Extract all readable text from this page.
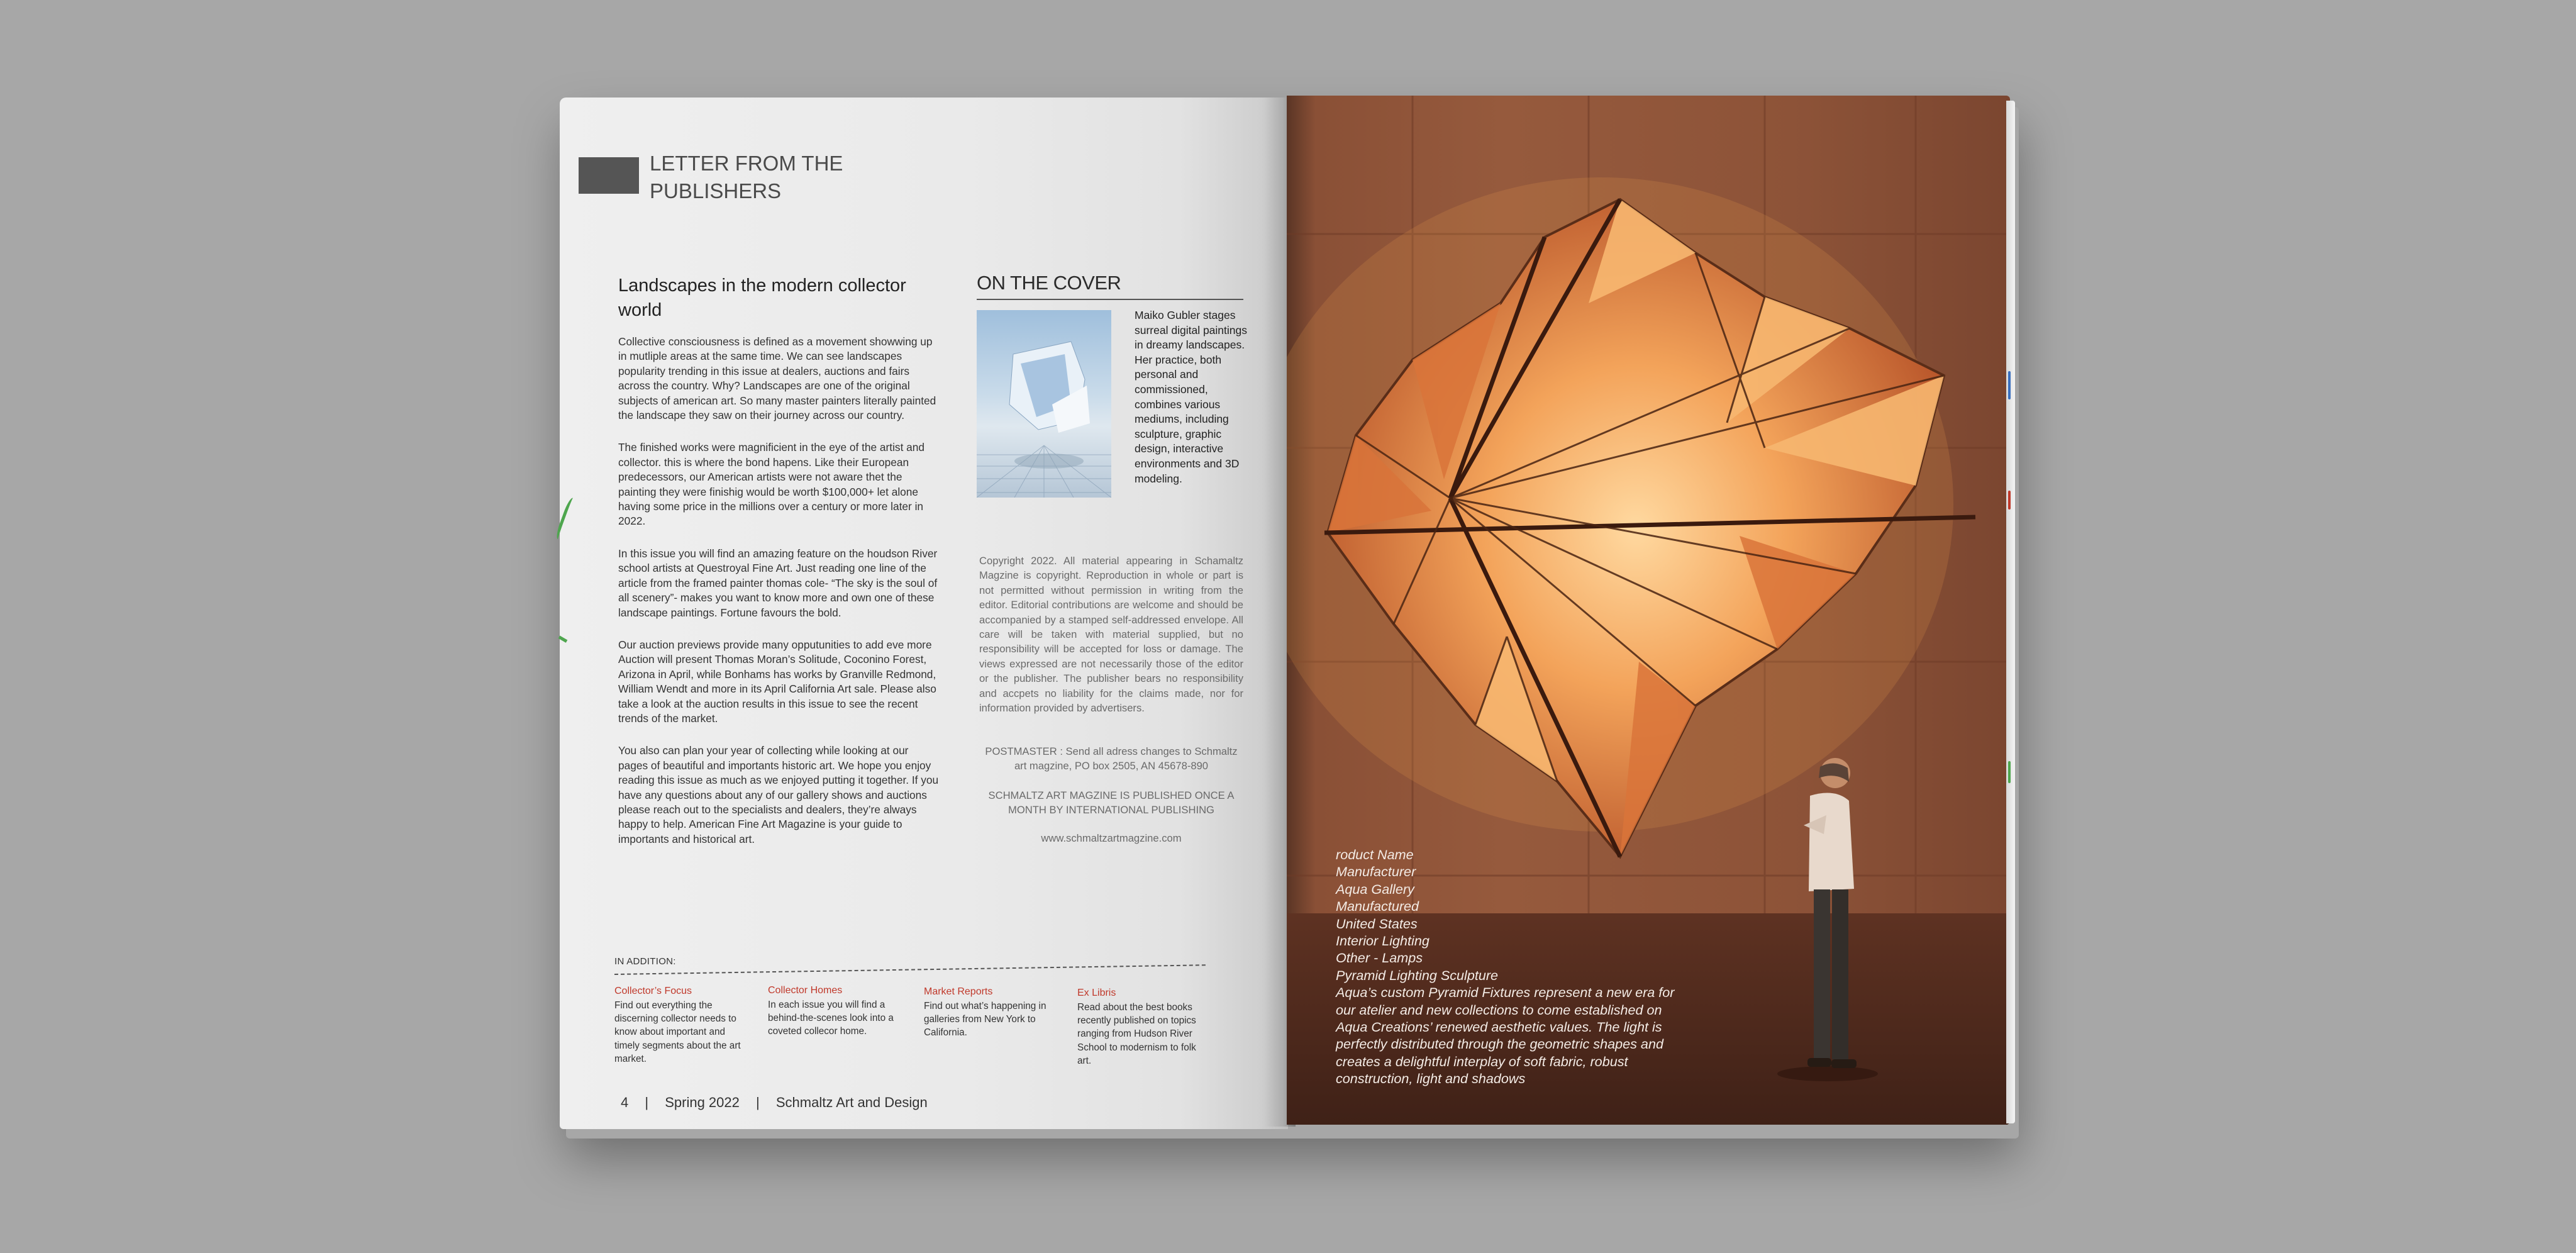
LETTER FROM THE
PUBLISHERS
Landscapes in the modern collector world

Collective consciousness is defined as a movement showwing up in mutliple areas at the same time. We can see landscapes popularity trending in this issue at dealers, auctions and fairs across the country. Why? Landscapes are one of the original subjects of american art. So many master painters literally painted the landscape they saw on their journey across our country.

The finished works were magnificient in the eye of the artist and collector. this is where the bond hapens. Like their European predecessors, our American artists were not aware thet the painting they were finishig would be worth $100,000+ let alone having some price in the millions over a century or more later in 2022.

In this issue you will find an amazing feature on the houdson River school artists at Questroyal Fine Art. Just reading one line of the article from the framed painter thomas cole- “The sky is the soul of all scenery”- makes you want to know more and own one of these landscape paintings. Fortune favours the bold.

Our auction previews provide many opputunities to add eve more Auction will present Thomas Moran’s Solitude, Coconino Forest, Arizona in April, while Bonhams has works by Granville Redmond, William Wendt and more in its April California Art sale. Please also take a look at the auction results in this issue to see the recent trends of the market.

You also can plan your year of collecting while looking at our pages of beautiful and importants historic art. We hope you enjoy reading this issue as much as we enjoyed putting it together. If you have any questions about any of our gallery shows and auctions please reach out to the specialists and dealers, they’re always happy to help. American Fine Art Magazine is your guide to importants and historical art.

ON THE COVER
Maiko Gubler stages surreal digital paintings in dreamy landscapes. Her practice, both personal and commissioned, combines various mediums, including sculpture, graphic design, interactive environments and 3D modeling.
Copyright 2022. All material appearing in Schamaltz Magzine is copyright. Reproduction in whole or part is not permitted without permission in writing from the editor. Editorial contributions are welcome and should be accompanied by a stamped self-addressed envelope. All care will be taken with material supplied, but no responsibility will be accepted for loss or damage. The views expressed are not necessarily those of the editor or the publisher. The publisher bears no responsibility and accpets no liability for the claims made, nor for information provided by advertisers.
POSTMASTER : Send all adress changes to Schmaltz art magzine, PO box 2505, AN 45678-890
SCHMALTZ ART MAGZINE IS PUBLISHED ONCE A MONTH BY INTERNATIONAL PUBLISHING
www.schmaltzartmagzine.com
IN ADDITION:
Collector’s Focus
Find out everything the discerning collector needs to know about important and timely segments about the art market.
Collector Homes
In each issue you will find a behind-the-scenes look into a coveted collecor home.
Market Reports
Find out what’s happening in galleries from New York to California.
Ex Libris
Read about the best books recently published on topics ranging from Hudson River School to modernism to folk art.
4 | Spring 2022 | Schmaltz Art and Design
roduct Name
Manufacturer
Aqua Gallery
Manufactured
United States
Interior Lighting
Other - Lamps
Pyramid Lighting Sculpture
Aqua’s custom Pyramid Fixtures represent a new era for
our atelier and new collections to come established on
Aqua Creations’ renewed aesthetic values. The light is
perfectly distributed through the geometric shapes and
creates a delightful interplay of soft fabric, robust
construction, light and shadows
